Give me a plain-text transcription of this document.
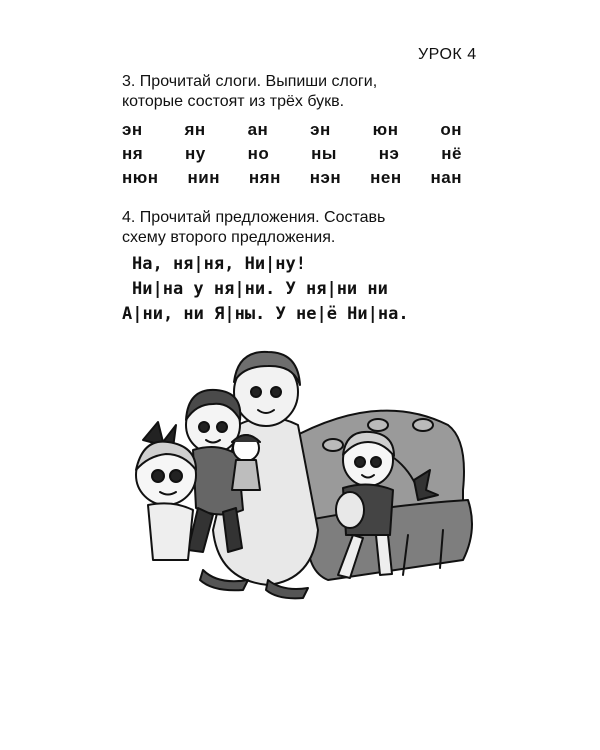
УРОК 4
3. Прочитай слоги. Выпиши слоги,
которые состоят из трёх букв.
эн ян ан эн юн он
ня ну но ны нэ нё
нюн нин нян нэн нен нан
4. Прочитай предложения. Составь
схему второго предложения.
На, ня|ня, Ни|ну!
Ни|на у ня|ни. У ня|ни ни
А|ни, ни Я|ны. У не|ё Ни|на.
